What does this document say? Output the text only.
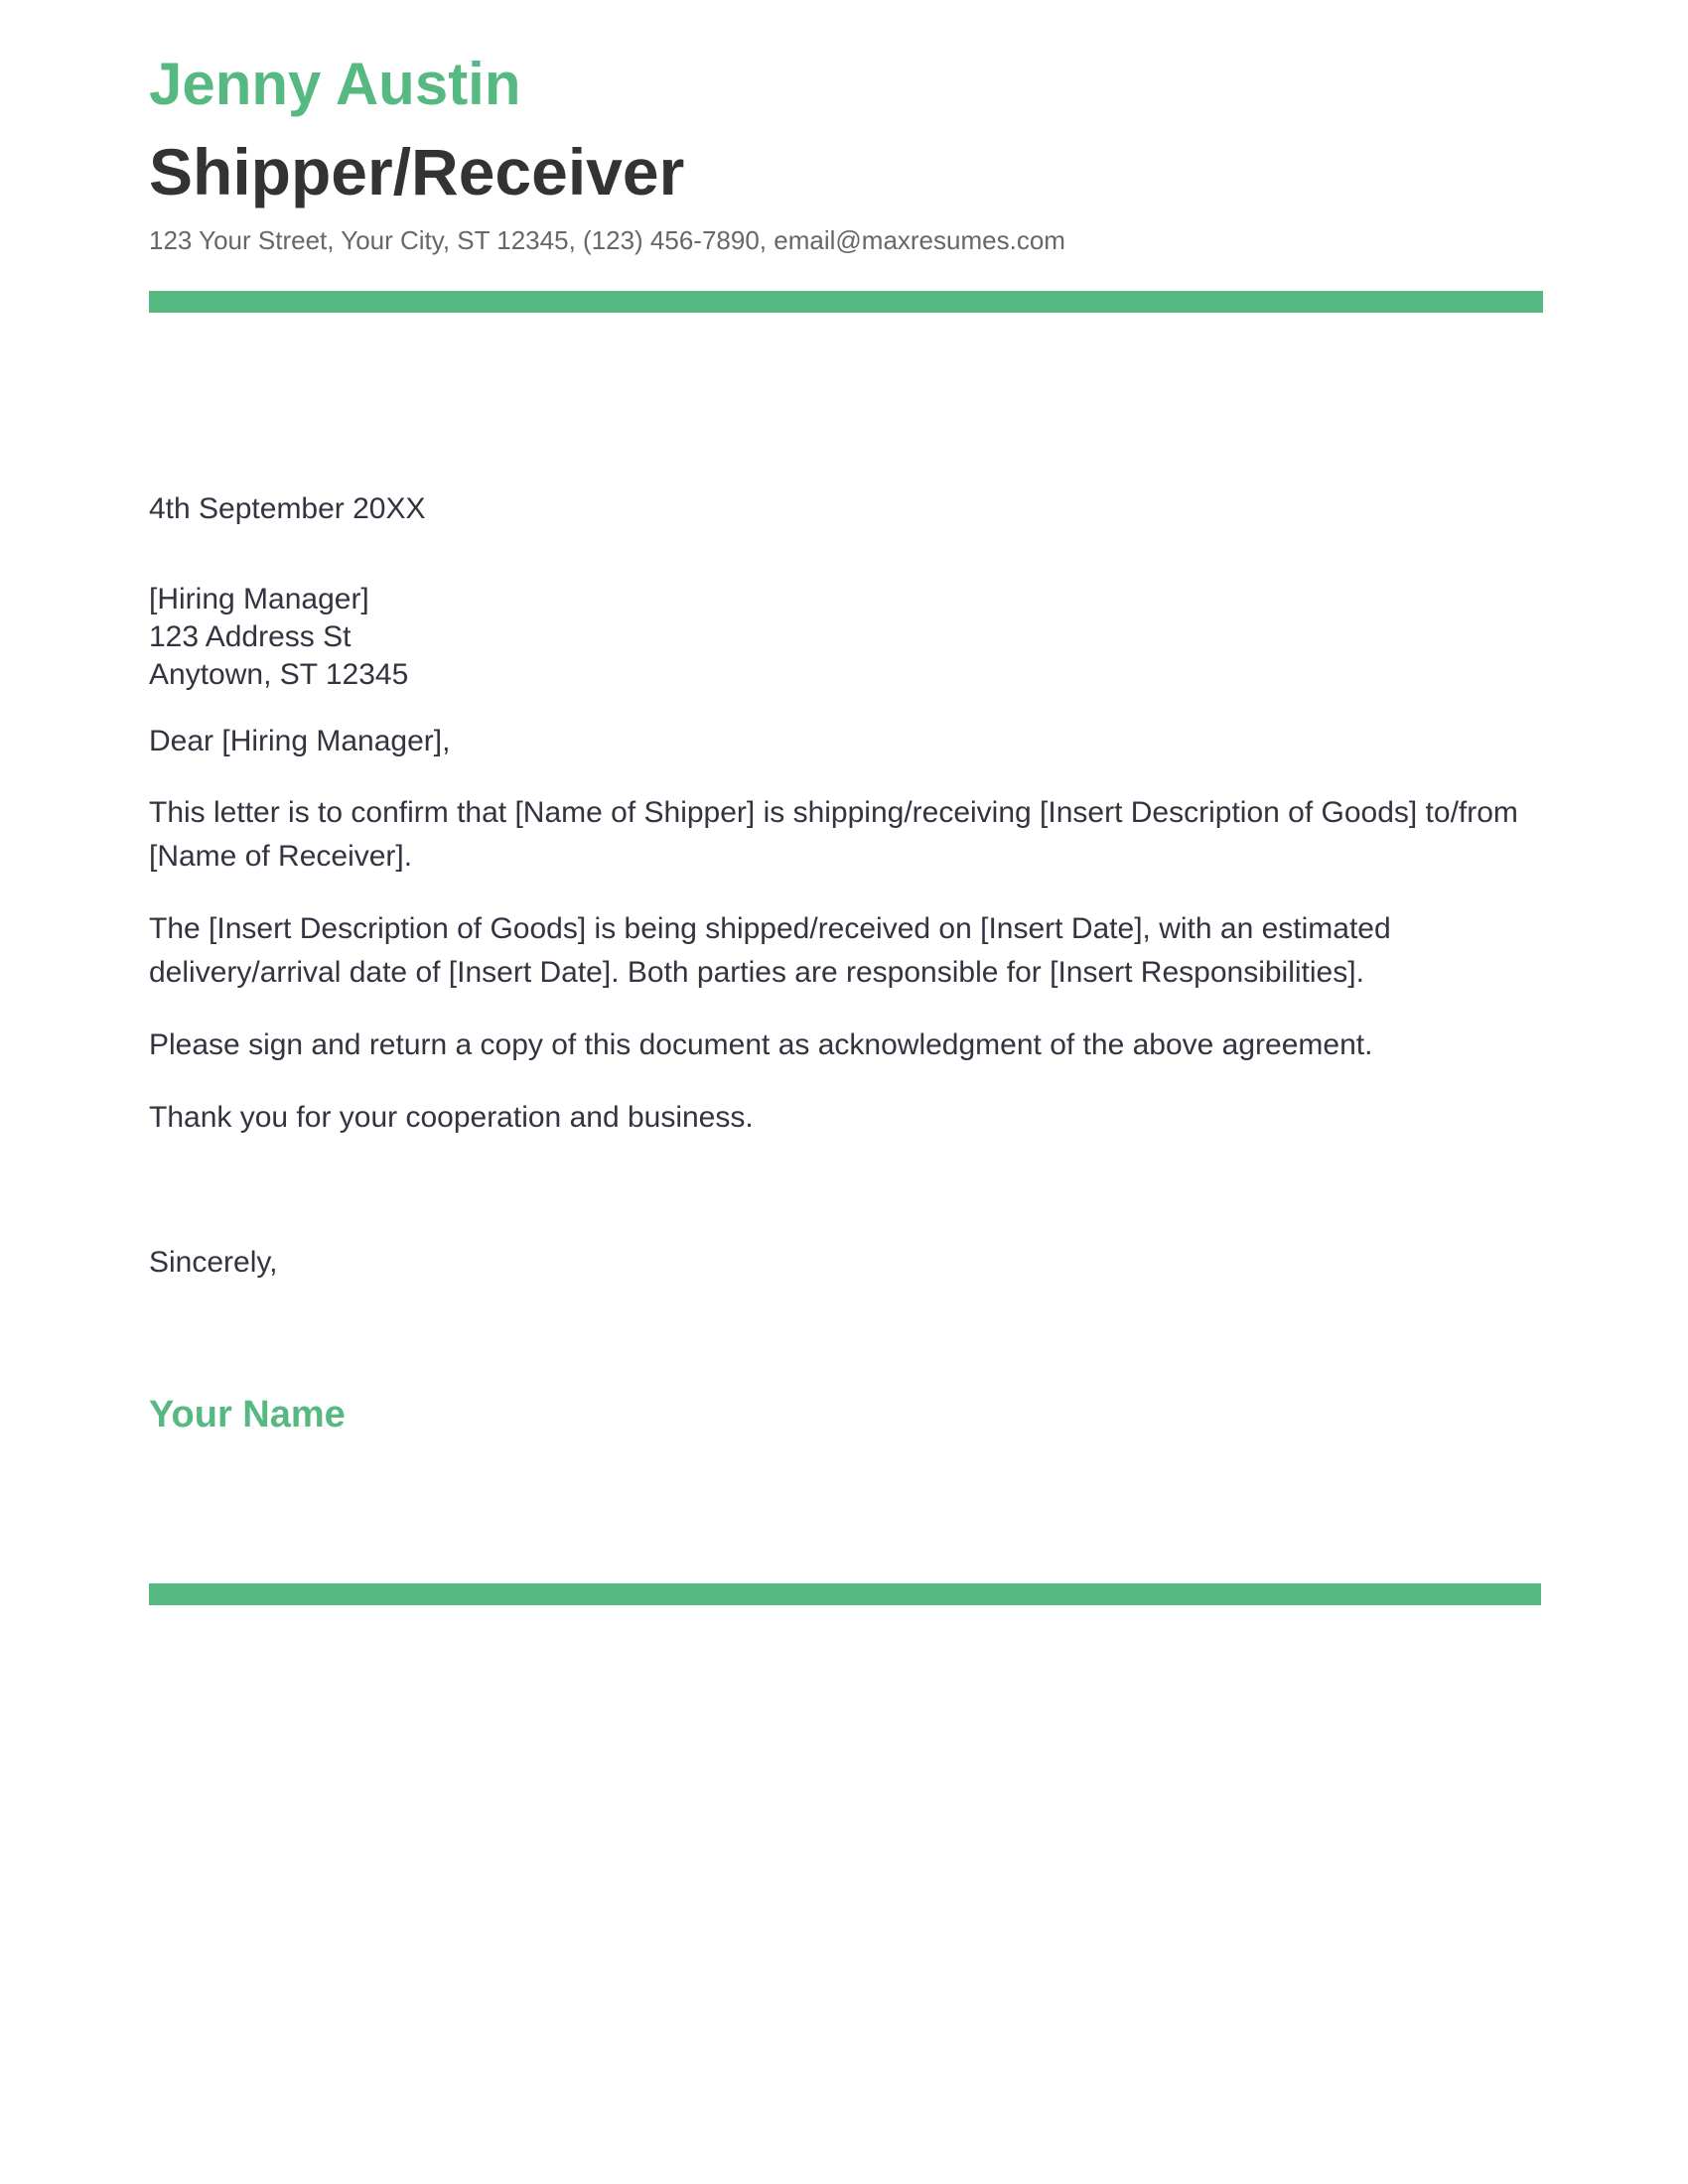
Jenny Austin
Shipper/Receiver
123 Your Street, Your City, ST 12345, (123) 456-7890, email@maxresumes.com
4th September 20XX
[Hiring Manager]
123 Address St
Anytown, ST 12345
Dear [Hiring Manager],

This letter is to confirm that [Name of Shipper] is shipping/receiving [Insert Description of Goods] to/from [Name of Receiver].

The [Insert Description of Goods] is being shipped/received on [Insert Date], with an estimated delivery/arrival date of [Insert Date]. Both parties are responsible for [Insert Responsibilities].

Please sign and return a copy of this document as acknowledgment of the above agreement.

Thank you for your cooperation and business.

Sincerely,
Your Name
